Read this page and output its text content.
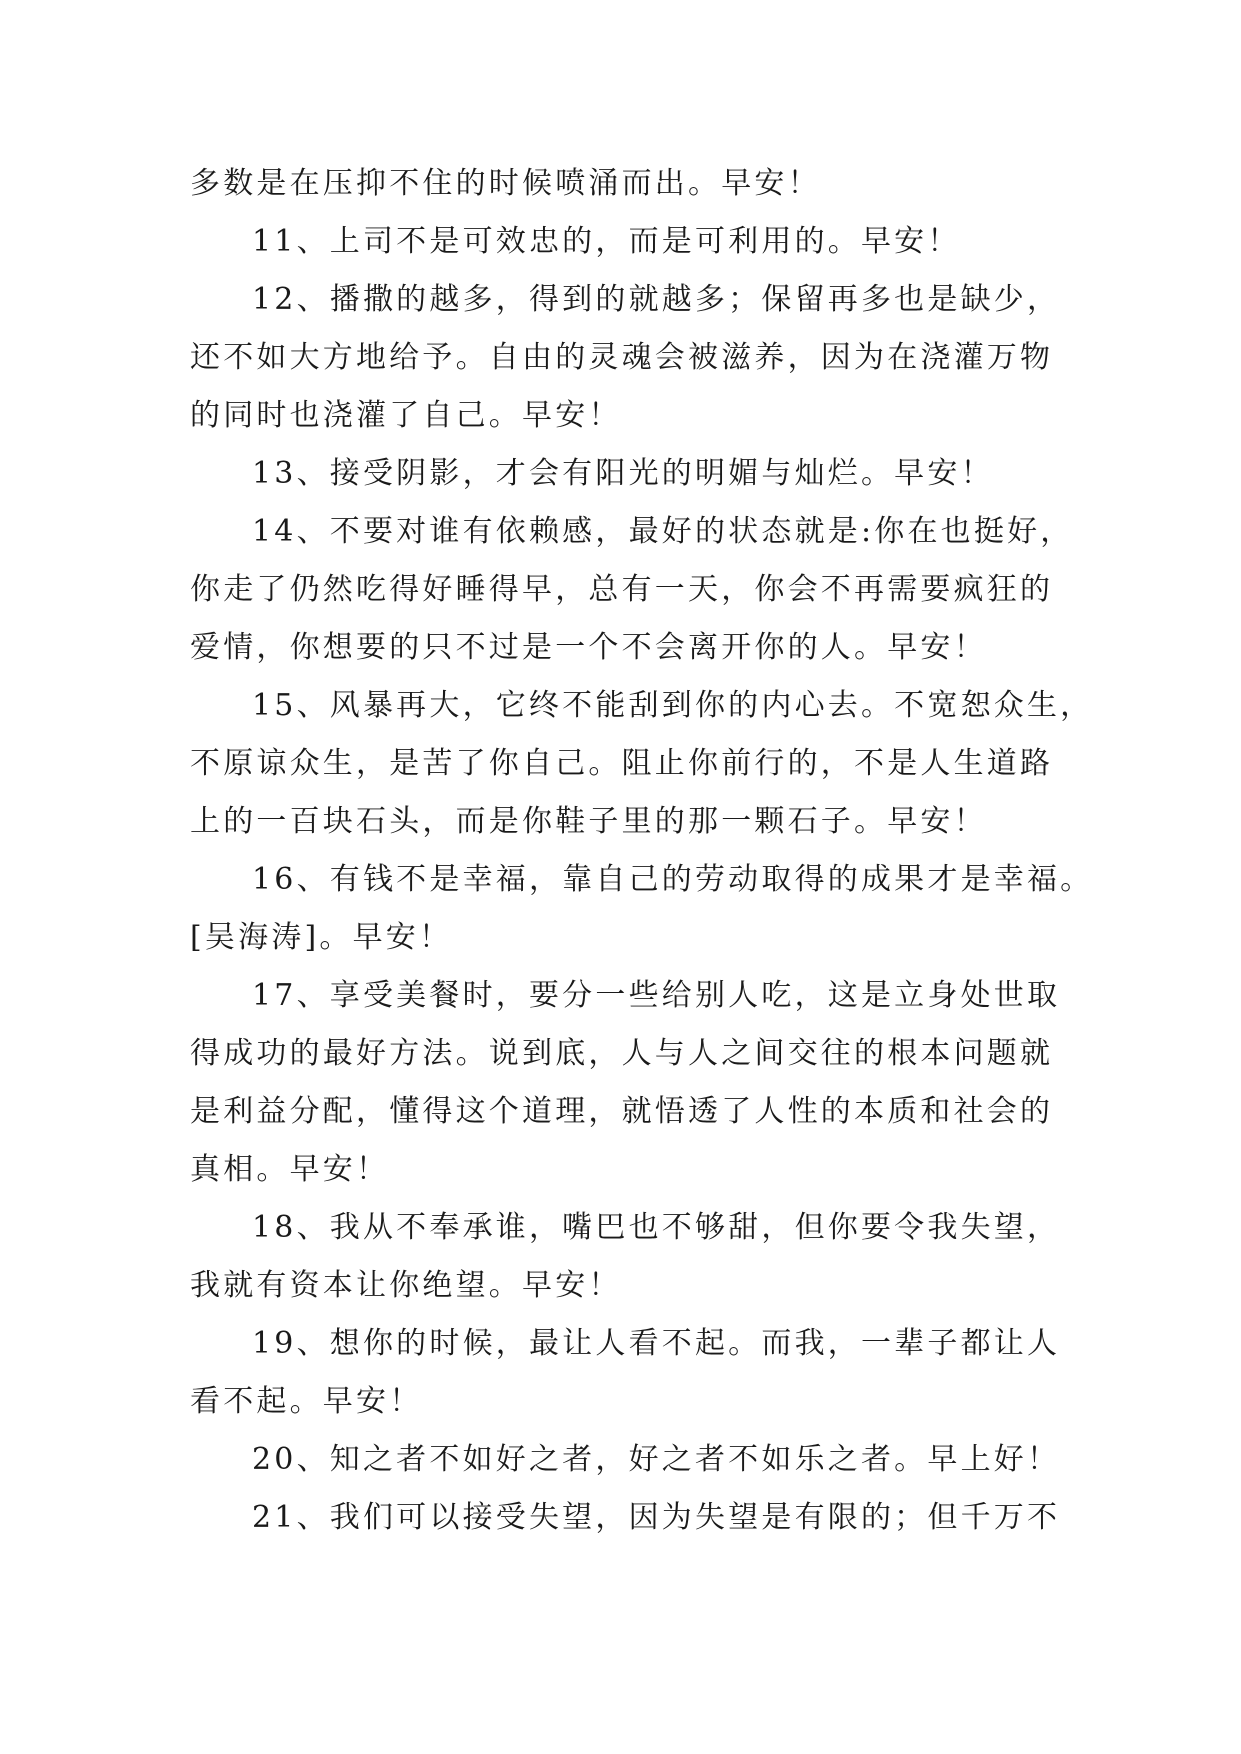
多数是在压抑不住的时候喷涌而出。早安！
11、上司不是可效忠的，而是可利用的。早安！
12、播撒的越多，得到的就越多；保留再多也是缺少，
还不如大方地给予。自由的灵魂会被滋养，因为在浇灌万物
的同时也浇灌了自己。早安！
13、接受阴影，才会有阳光的明媚与灿烂。早安！
14、不要对谁有依赖感，最好的状态就是:你在也挺好，
你走了仍然吃得好睡得早，总有一天，你会不再需要疯狂的
爱情，你想要的只不过是一个不会离开你的人。早安！
15、风暴再大，它终不能刮到你的内心去。不宽恕众生，
不原谅众生，是苦了你自己。阻止你前行的，不是人生道路
上的一百块石头，而是你鞋子里的那一颗石子。早安！
16、有钱不是幸福，靠自己的劳动取得的成果才是幸福。
[吴海涛]。早安！
17、享受美餐时，要分一些给别人吃，这是立身处世取
得成功的最好方法。说到底，人与人之间交往的根本问题就
是利益分配，懂得这个道理，就悟透了人性的本质和社会的
真相。早安！
18、我从不奉承谁，嘴巴也不够甜，但你要令我失望，
我就有资本让你绝望。早安！
19、想你的时候，最让人看不起。而我，一辈子都让人
看不起。早安！
20、知之者不如好之者，好之者不如乐之者。早上好！
21、我们可以接受失望，因为失望是有限的；但千万不
